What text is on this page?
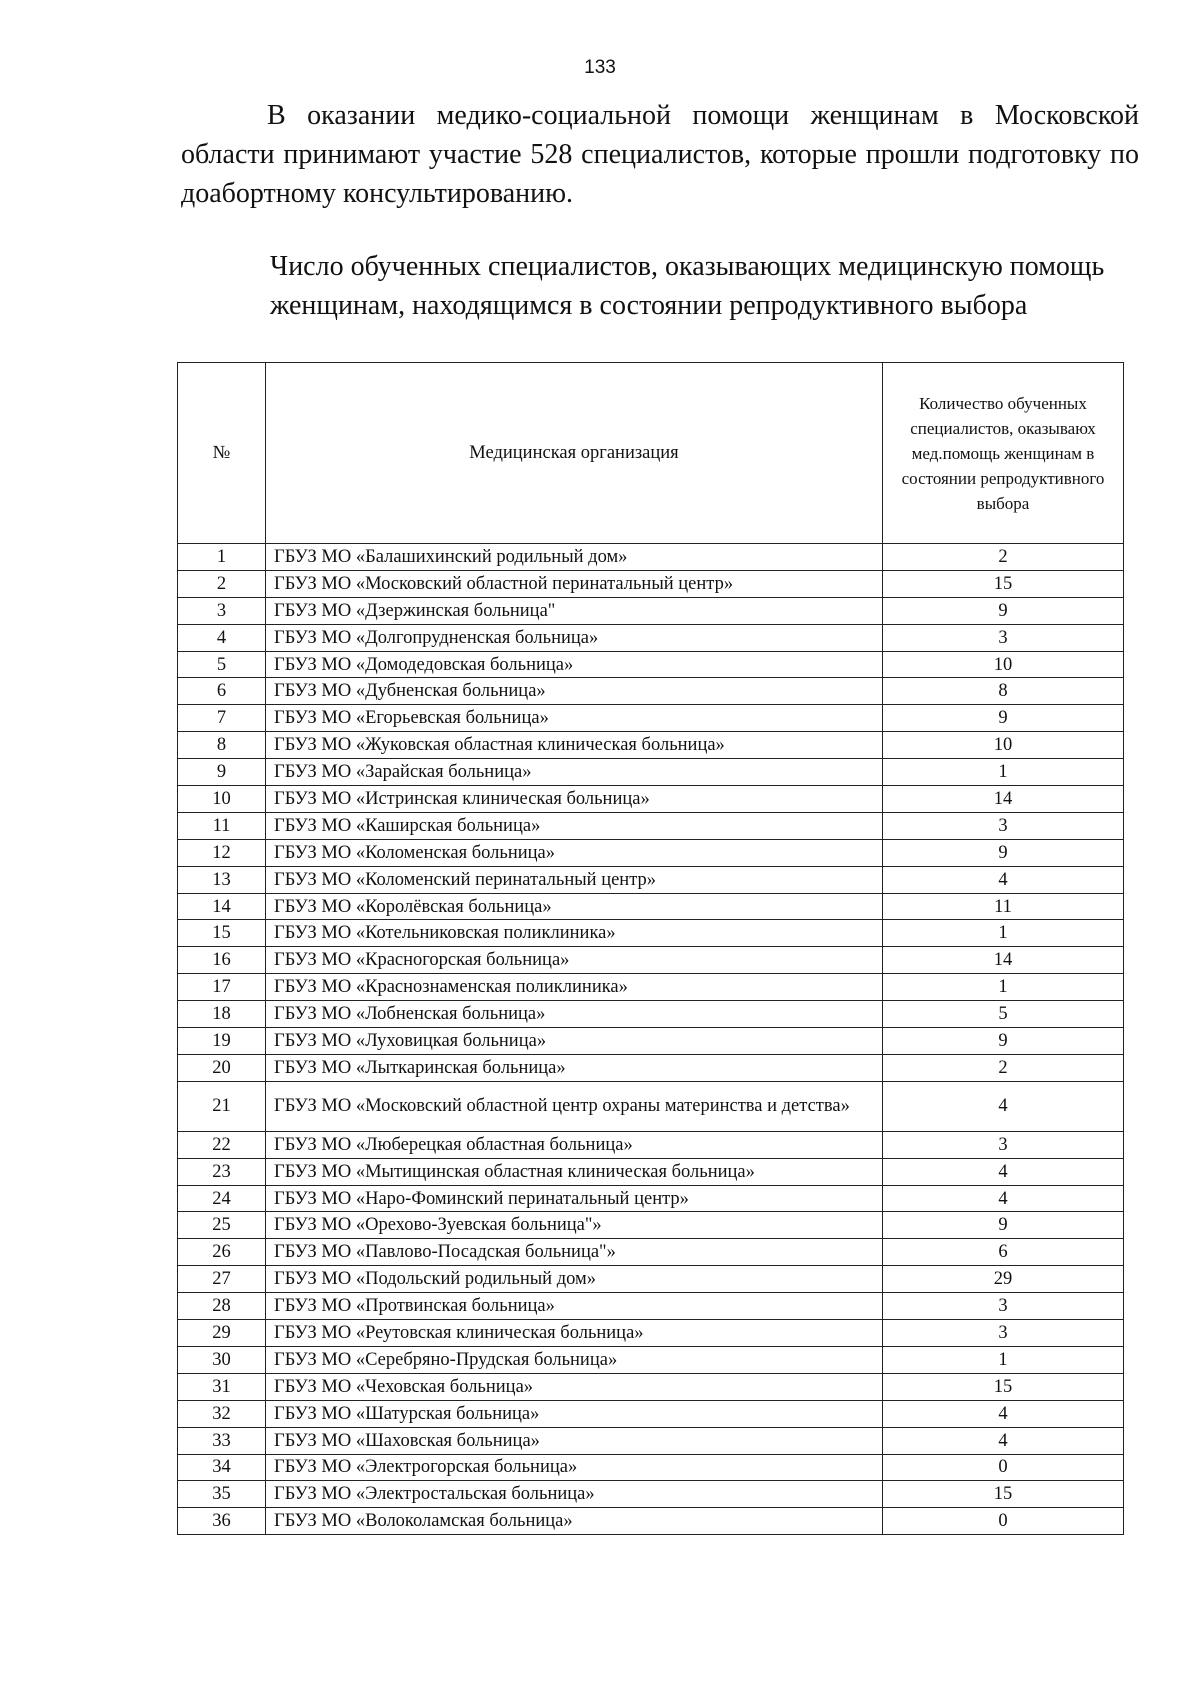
133

В оказании медико-социальной помощи женщинам в Московской области принимают участие 528 специалистов, которые прошли подготовку по доабортному консультированию.

Число обученных специалистов, оказывающих медицинскую помощь
женщинам, находящимся в состоянии репродуктивного выбора

№	Медицинская организация	Количество обученных специалистов, оказываюх мед.помощь женщинам в состоянии репродуктивного выбора
1	ГБУЗ МО «Балашихинский родильный дом»	2
2	ГБУЗ МО «Московский областной перинатальный центр»	15
3	ГБУЗ МО «Дзержинская больница"	9
4	ГБУЗ МО «Долгопрудненская больница»	3
5	ГБУЗ МО «Домодедовская больница»	10
6	ГБУЗ МО «Дубненская больница»	8
7	ГБУЗ МО «Егорьевская больница»	9
8	ГБУЗ МО «Жуковская областная клиническая больница»	10
9	ГБУЗ МО «Зарайская больница»	1
10	ГБУЗ МО «Истринская клиническая больница»	14
11	ГБУЗ МО «Каширская больница»	3
12	ГБУЗ МО «Коломенская больница»	9
13	ГБУЗ МО «Коломенский перинатальный центр»	4
14	ГБУЗ МО «Королёвская больница»	11
15	ГБУЗ МО «Котельниковская поликлиника»	1
16	ГБУЗ МО «Красногорская больница»	14
17	ГБУЗ МО «Краснознаменская поликлиника»	1
18	ГБУЗ МО «Лобненская больница»	5
19	ГБУЗ МО «Луховицкая больница»	9
20	ГБУЗ МО «Лыткаринская больница»	2
21	ГБУЗ МО «Московский областной центр охраны материнства и детства»	4
22	ГБУЗ МО «Люберецкая областная больница»	3
23	ГБУЗ МО «Мытищинская областная клиническая больница»	4
24	ГБУЗ МО «Наро-Фоминский перинатальный центр»	4
25	ГБУЗ МО «Орехово-Зуевская больница"»	9
26	ГБУЗ МО «Павлово-Посадская больница"»	6
27	ГБУЗ МО «Подольский родильный дом»	29
28	ГБУЗ МО «Протвинская больница»	3
29	ГБУЗ МО «Реутовская клиническая больница»	3
30	ГБУЗ МО «Серебряно-Прудская больница»	1
31	ГБУЗ МО «Чеховская больница»	15
32	ГБУЗ МО «Шатурская больница»	4
33	ГБУЗ МО «Шаховская больница»	4
34	ГБУЗ МО «Электрогорская больница»	0
35	ГБУЗ МО «Электростальская больница»	15
36	ГБУЗ МО «Волоколамская больница»	0
